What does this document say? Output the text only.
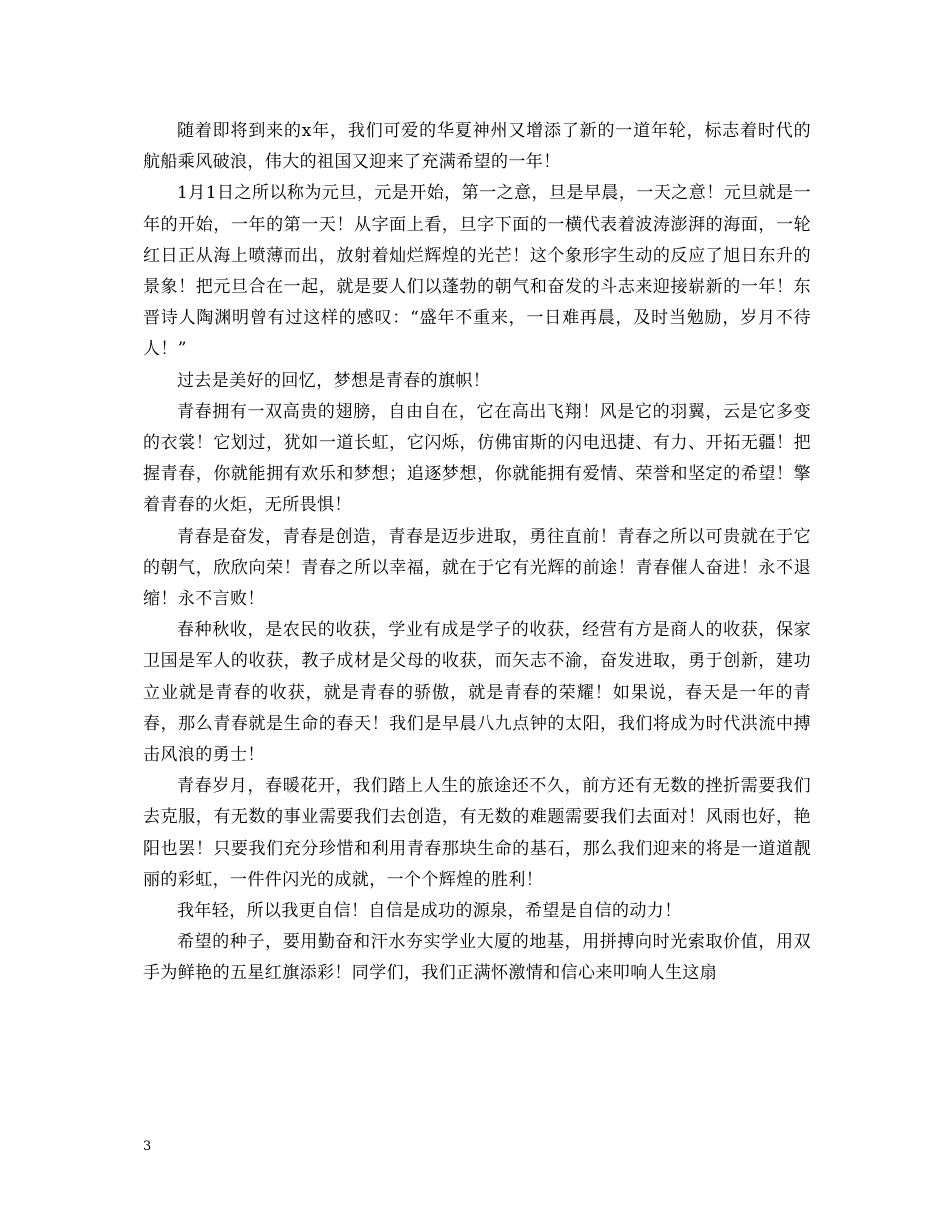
随着即将到来的x年，我们可爱的华夏神州又增添了新的一道年轮，标志着时代的航船乘风破浪，伟大的祖国又迎来了充满希望的一年！

1月1日之所以称为元旦，元是开始，第一之意，旦是早晨，一天之意！元旦就是一年的开始，一年的第一天！从字面上看，旦字下面的一横代表着波涛澎湃的海面，一轮红日正从海上喷薄而出，放射着灿烂辉煌的光芒！这个象形字生动的反应了旭日东升的景象！把元旦合在一起，就是要人们以蓬勃的朝气和奋发的斗志来迎接崭新的一年！东晋诗人陶渊明曾有过这样的感叹：“盛年不重来，一日难再晨，及时当勉励，岁月不待人！”

过去是美好的回忆，梦想是青春的旗帜！

青春拥有一双高贵的翅膀，自由自在，它在高出飞翔！风是它的羽翼，云是它多变的衣裳！它划过，犹如一道长虹，它闪烁，仿佛宙斯的闪电迅捷、有力、开拓无疆！把握青春，你就能拥有欢乐和梦想；追逐梦想，你就能拥有爱情、荣誉和坚定的希望！擎着青春的火炬，无所畏惧！

青春是奋发，青春是创造，青春是迈步进取，勇往直前！青春之所以可贵就在于它的朝气，欣欣向荣！青春之所以幸福，就在于它有光辉的前途！青春催人奋进！永不退缩！永不言败！

春种秋收，是农民的收获，学业有成是学子的收获，经营有方是商人的收获，保家卫国是军人的收获，教子成材是父母的收获，而矢志不渝，奋发进取，勇于创新，建功立业就是青春的收获，就是青春的骄傲，就是青春的荣耀！如果说，春天是一年的青春，那么青春就是生命的春天！我们是早晨八九点钟的太阳，我们将成为时代洪流中搏击风浪的勇士！

青春岁月，春暖花开，我们踏上人生的旅途还不久，前方还有无数的挫折需要我们去克服，有无数的事业需要我们去创造，有无数的难题需要我们去面对！风雨也好，艳阳也罢！只要我们充分珍惜和利用青春那块生命的基石，那么我们迎来的将是一道道靓丽的彩虹，一件件闪光的成就，一个个辉煌的胜利！

我年轻，所以我更自信！自信是成功的源泉，希望是自信的动力！

希望的种子，要用勤奋和汗水夯实学业大厦的地基，用拼搏向时光索取价值，用双手为鲜艳的五星红旗添彩！同学们，我们正满怀激情和信心来叩响人生这扇

3
